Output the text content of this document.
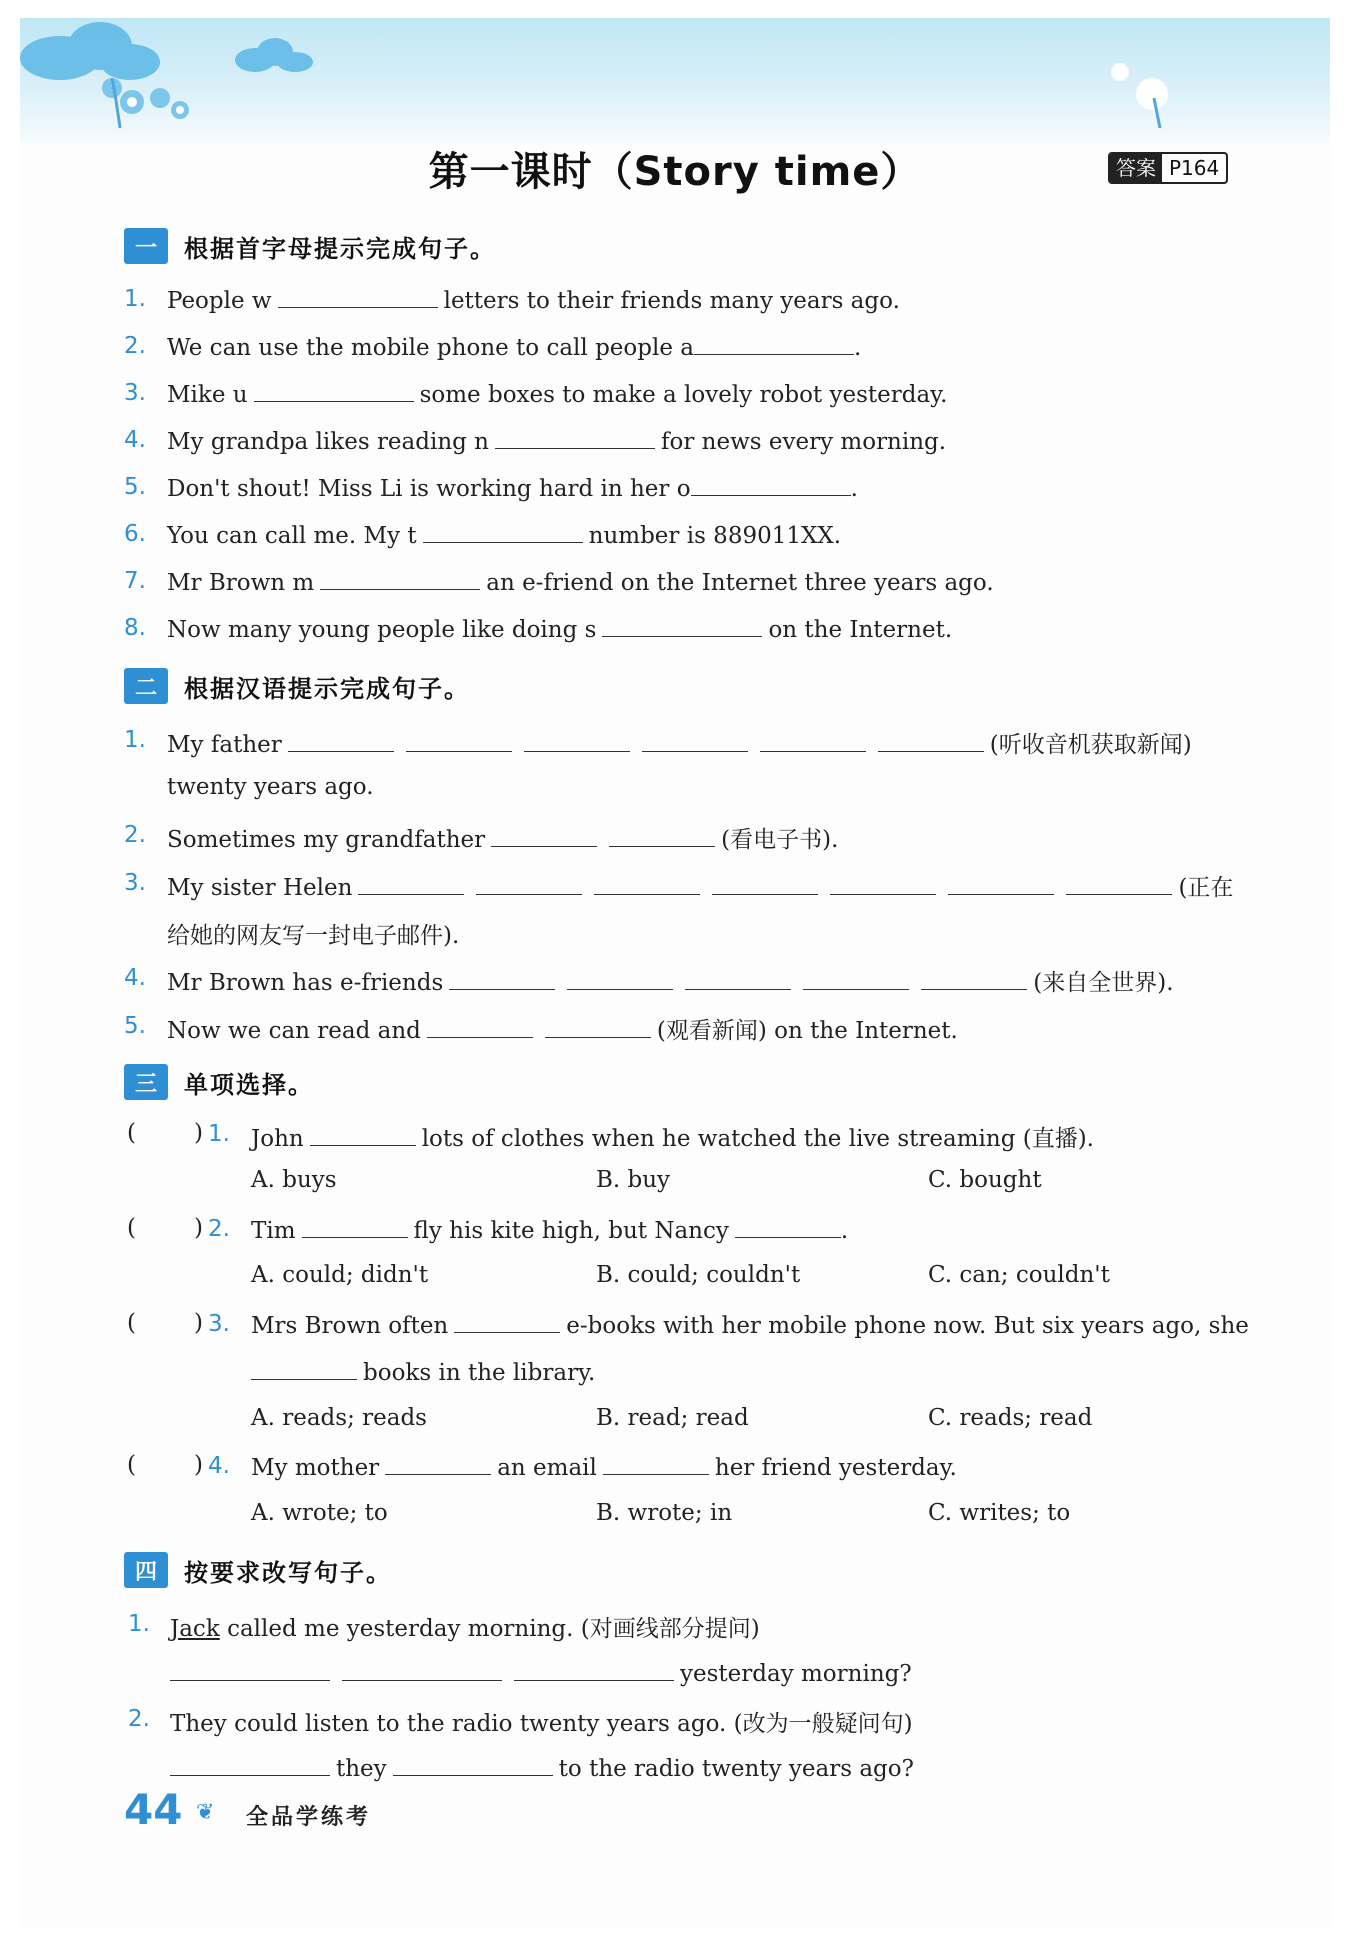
第一课时（Story time）	答案 P164
一	根据首字母提示完成句子。
1. People w	letters to their friends many years ago.
2. We can use the mobile phone to call people a	.
3. Mike u	some boxes to make a lovely robot yesterday.
4. My grandpa likes reading n	for news every morning.
5. Don't shout! Miss Li is working hard in her o	.
6. You can call me. My t	number is 889011XX.
7. Mr Brown m	an e-friend on the Internet three years ago.
8. Now many young people like doing s	on the Internet.
二	根据汉语提示完成句子。
1. My father	(听收音机获取新闻)
twenty years ago.
2. Sometimes my grandfather	(看电子书).
3. My sister Helen	(正在
给她的网友写一封电子邮件).
4. Mr Brown has e-friends	(来自全世界).
5. Now we can read and	(观看新闻) on the Internet.
三	单项选择。
(	) 1. John	lots of clothes when he watched the live streaming (直播).
A. buys	B. buy	C. bought
(	) 2. Tim	fly his kite high, but Nancy	.
A. could; didn't	B. could; couldn't	C. can; couldn't
(	) 3. Mrs Brown often	e-books with her mobile phone now. But six years ago, she
books in the library.
A. reads; reads	B. read; read	C. reads; read
(	) 4. My mother	an email	her friend yesterday.
A. wrote; to	B. wrote; in	C. writes; to
四	按要求改写句子。
1. Jack called me yesterday morning. (对画线部分提问)
yesterday morning?
2. They could listen to the radio twenty years ago. (改为一般疑问句)
they	to the radio twenty years ago?
44 ❦ 全品学练考
